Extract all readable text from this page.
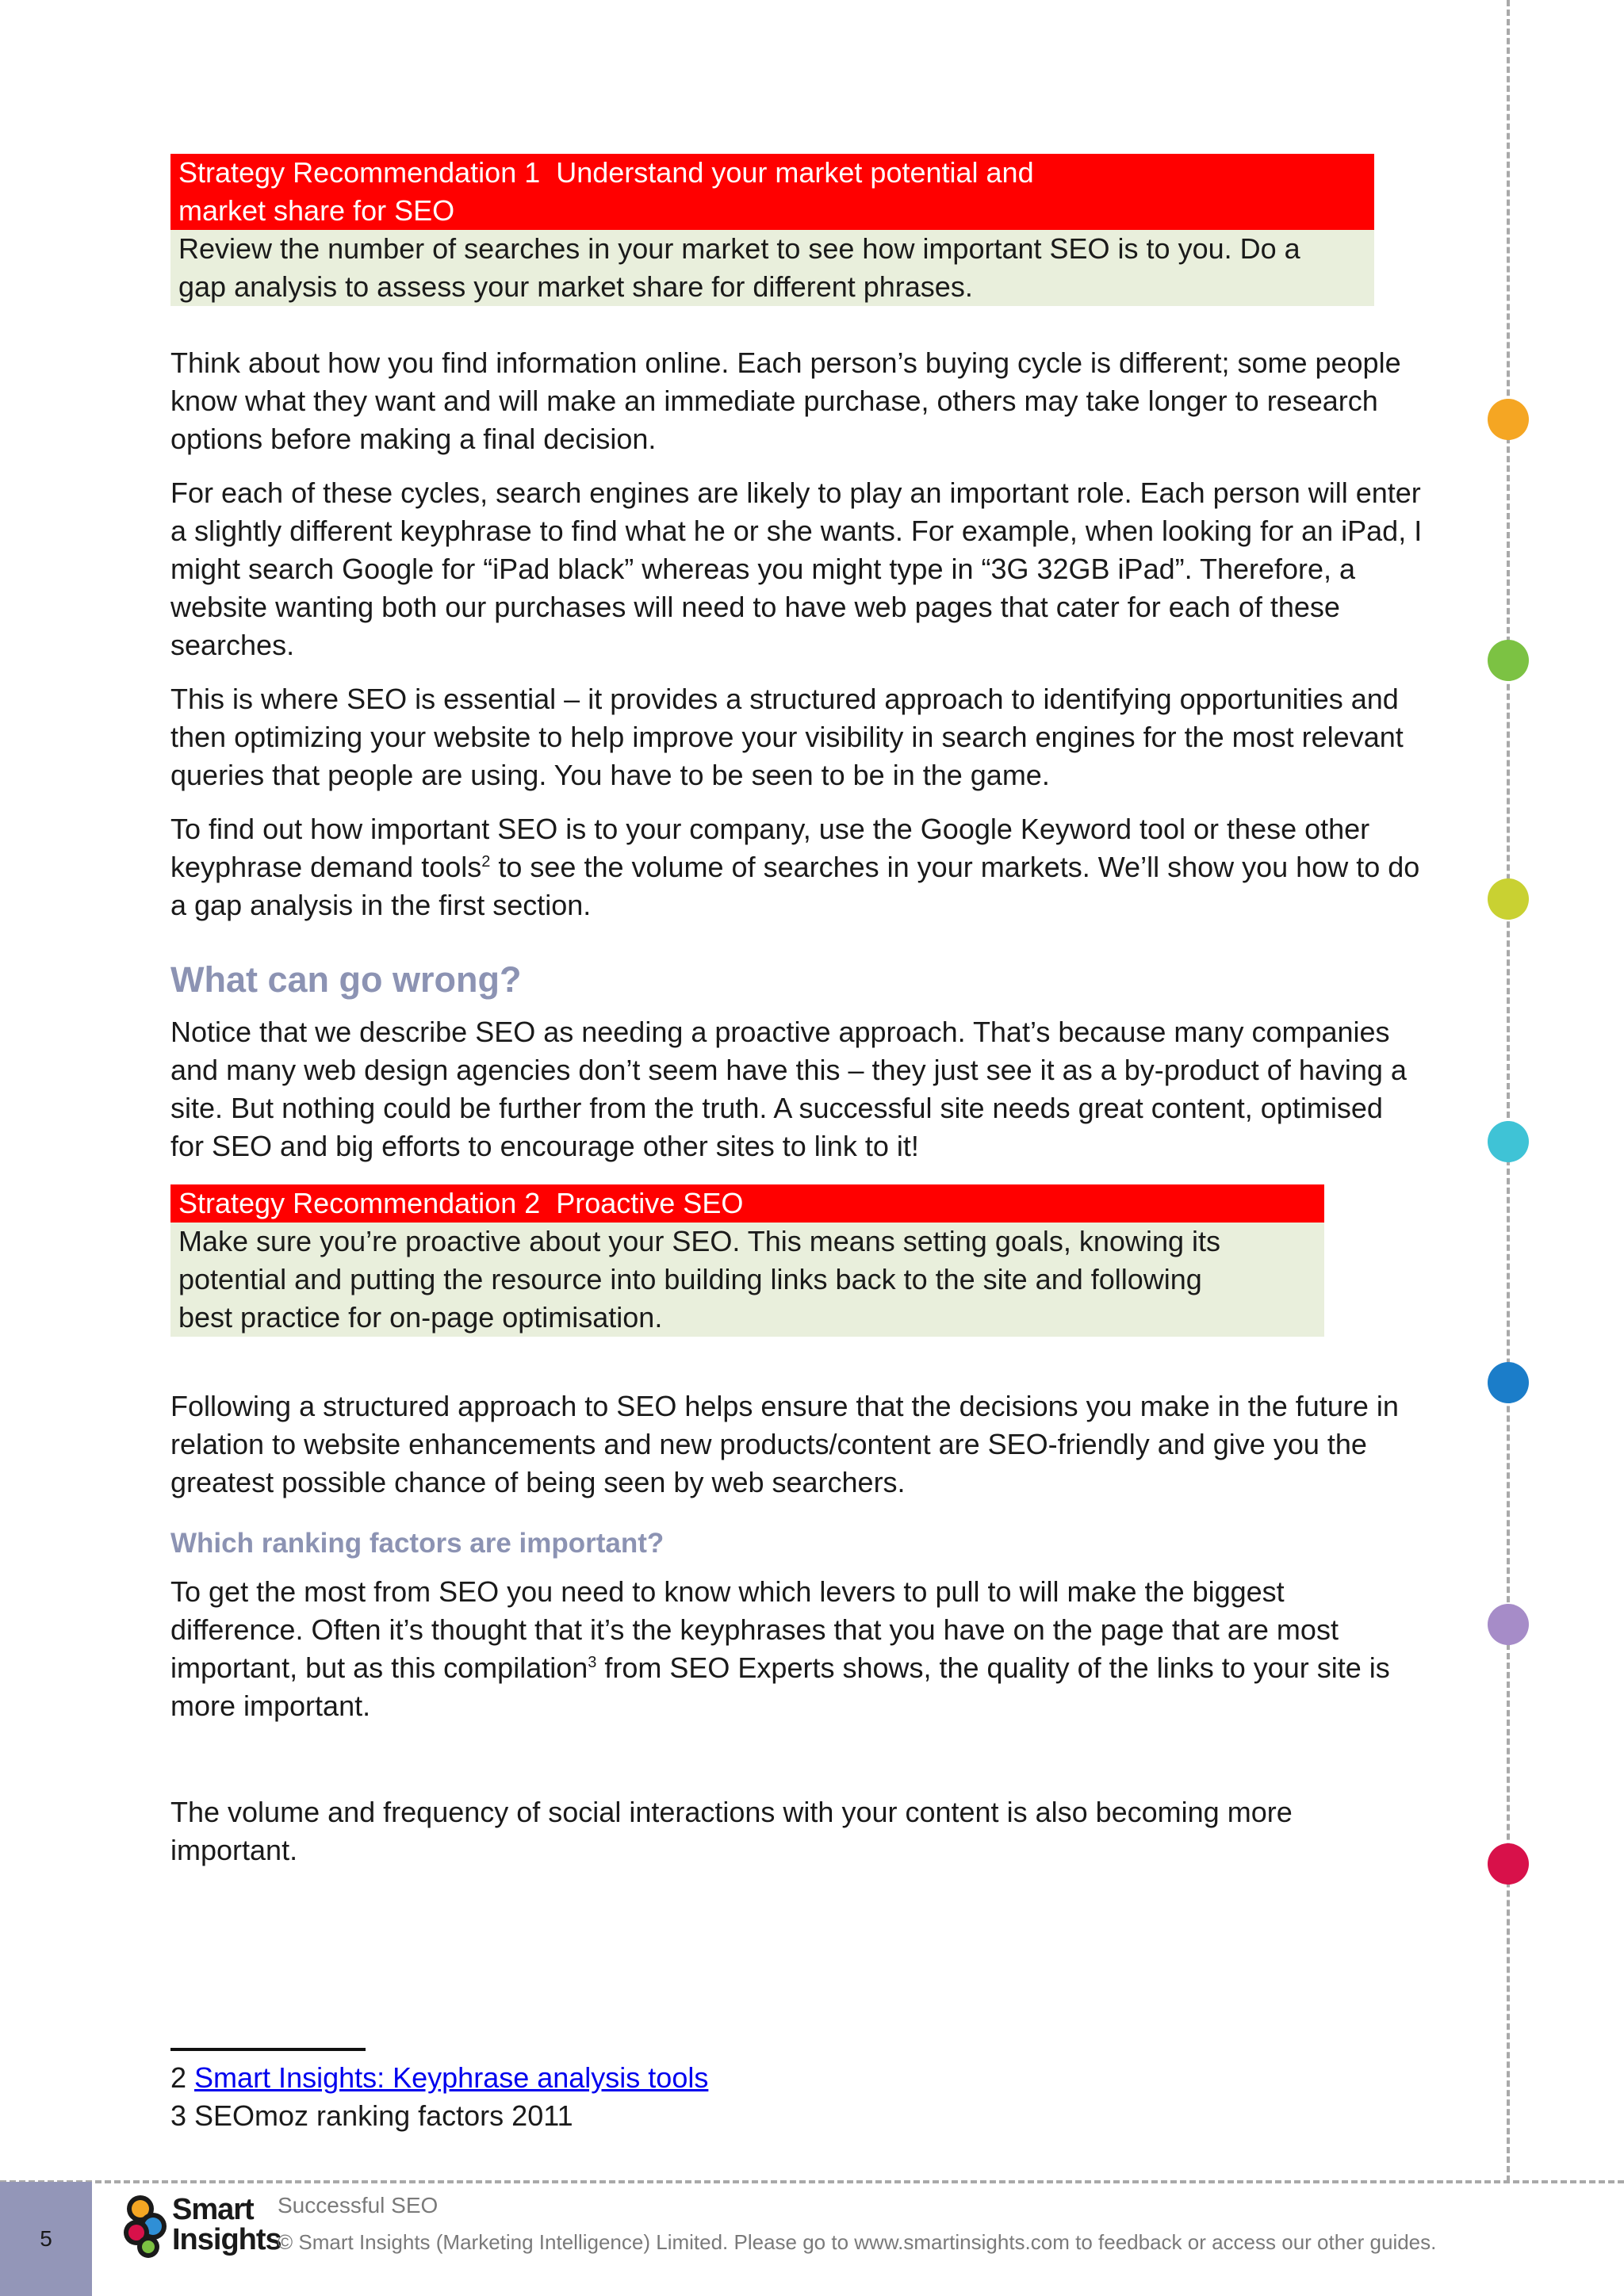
Strategy Recommendation 1  Understand your market potential and
market share for SEO
Review the number of searches in your market to see how important SEO is to you. Do a
gap analysis to assess your market share for different phrases.

Think about how you find information online. Each person’s buying cycle is different; some people know what they want and will make an immediate purchase, others may take longer to research options before making a final decision.

For each of these cycles, search engines are likely to play an important role. Each person will enter a slightly different keyphrase to find what he or she wants. For example, when looking for an iPad, I might search Google for “iPad black” whereas you might type in “3G 32GB iPad”. Therefore, a website wanting both our purchases will need to have web pages that cater for each of these searches.

This is where SEO is essential – it provides a structured approach to identifying opportunities and then optimizing your website to help improve your visibility in search engines for the most relevant queries that people are using. You have to be seen to be in the game.

To find out how important SEO is to your company, use the Google Keyword tool or these other keyphrase demand tools$^2$ to see the volume of searches in your markets. We’ll show you how to do a gap analysis in the first section.

What can go wrong?

Notice that we describe SEO as needing a proactive approach. That’s because many companies and many web design agencies don’t seem have this – they just see it as a by-product of having a site. But nothing could be further from the truth. A successful site needs great content, optimised for SEO and big efforts to encourage other sites to link to it!

Strategy Recommendation 2  Proactive SEO
Make sure you’re proactive about your SEO. This means setting goals, knowing its
potential and putting the resource into building links back to the site and following
best practice for on-page optimisation.

Following a structured approach to SEO helps ensure that the decisions you make in the future in relation to website enhancements and new products/content are SEO-friendly and give you the greatest possible chance of being seen by web searchers.

Which ranking factors are important?

To get the most from SEO you need to know which levers to pull to will make the biggest difference. Often it’s thought that it’s the keyphrases that you have on the page that are most important, but as this compilation$^3$ from SEO Experts shows, the quality of the links to your site is more important.

The volume and frequency of social interactions with your content is also becoming more important.

2 Smart Insights: Keyphrase analysis tools
3 SEOmoz ranking factors 2011
5
Smart
Insights
Successful SEO
© Smart Insights (Marketing Intelligence) Limited. Please go to www.smartinsights.com to feedback or access our other guides.
